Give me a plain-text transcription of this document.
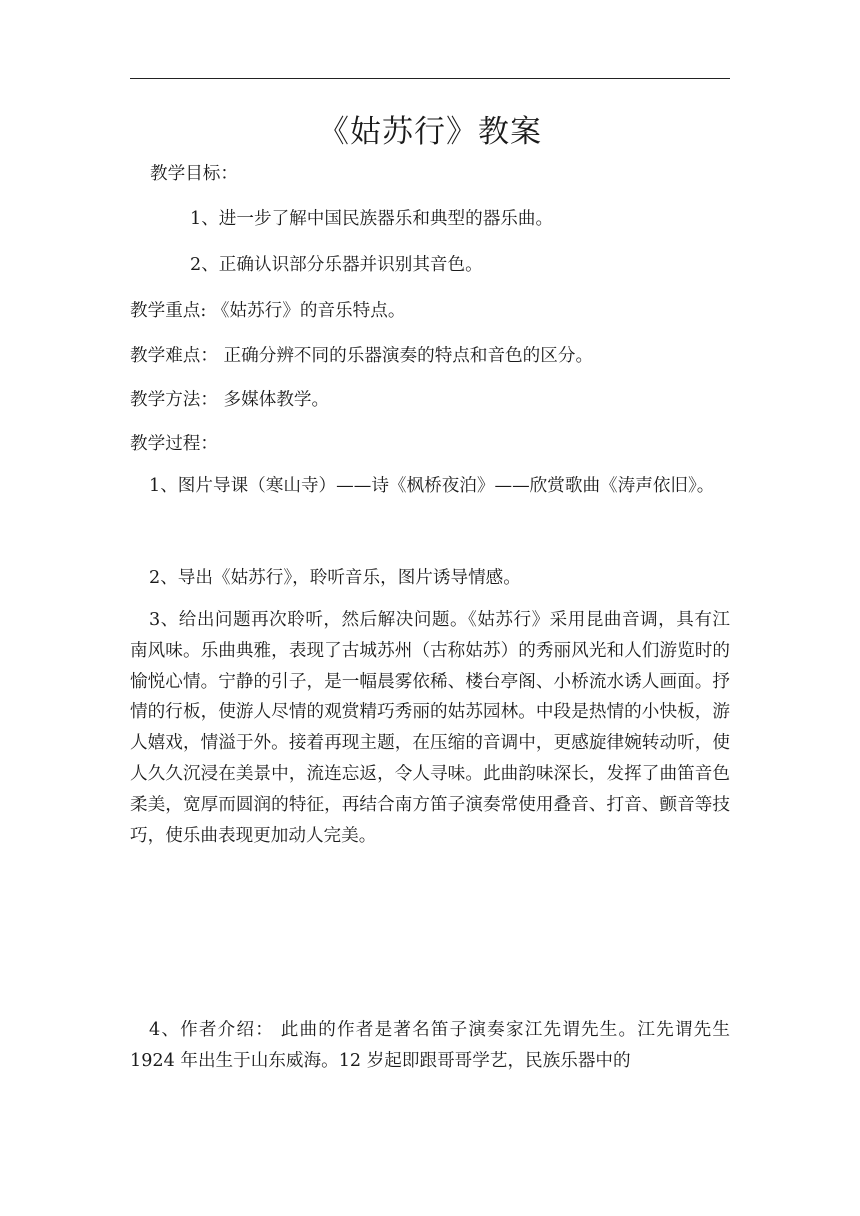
《姑苏行》教案

教学目标：

1、进一步了解中国民族器乐和典型的器乐曲。

2、正确认识部分乐器并识别其音色。

教学重点: 《姑苏行》的音乐特点。

教学难点： 正确分辨不同的乐器演奏的特点和音色的区分。

教学方法： 多媒体教学。

教学过程：

1、图片导课（寒山寺）——诗《枫桥夜泊》——欣赏歌曲《涛声依旧》。

2、导出《姑苏行》，聆听音乐，图片诱导情感。

3、给出问题再次聆听，然后解决问题。《姑苏行》采用昆曲音调，具有江南风味。乐曲典雅，表现了古城苏州（古称姑苏）的秀丽风光和人们游览时的愉悦心情。宁静的引子，是一幅晨雾依稀、楼台亭阁、小桥流水诱人画面。抒情的行板，使游人尽情的观赏精巧秀丽的姑苏园林。中段是热情的小快板，游人嬉戏，情溢于外。接着再现主题，在压缩的音调中，更感旋律婉转动听，使人久久沉浸在美景中，流连忘返，令人寻味。此曲韵味深长，发挥了曲笛音色柔美，宽厚而圆润的特征，再结合南方笛子演奏常使用叠音、打音、颤音等技巧，使乐曲表现更加动人完美。

4、作者介绍： 此曲的作者是著名笛子演奏家江先谓先生。江先谓先生 1924 年出生于山东威海。12 岁起即跟哥哥学艺，民族乐器中的
